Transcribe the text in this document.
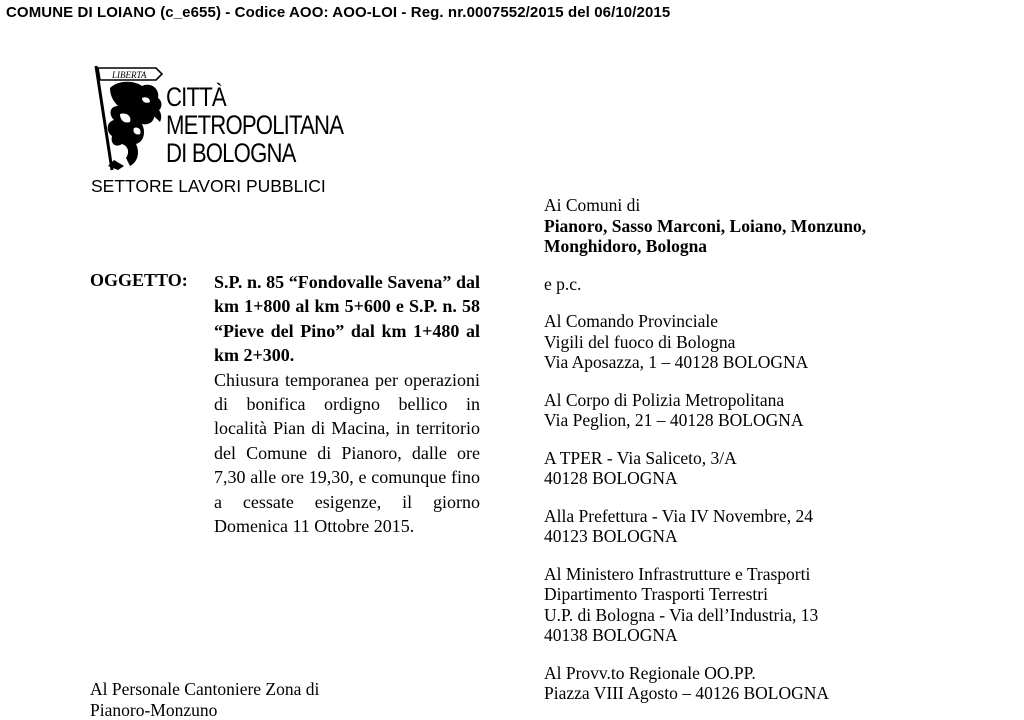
COMUNE DI LOIANO (c_e655) - Codice AOO: AOO-LOI - Reg. nr.0007552/2015 del 06/10/2015
LIBERTA
CITTÀ
METROPOLITANA
DI BOLOGNA
SETTORE LAVORI PUBBLICI
Ai Comuni di
Pianoro, Sasso Marconi, Loiano, Monzuno,
Monghidoro, Bologna
e p.c.
Al Comando Provinciale
Vigili del fuoco di Bologna
Via Aposazza, 1 – 40128 BOLOGNA
Al Corpo di Polizia Metropolitana
Via Peglion, 21 – 40128 BOLOGNA
A TPER - Via Saliceto, 3/A
40128 BOLOGNA
Alla Prefettura - Via IV Novembre, 24
40123 BOLOGNA
Al Ministero Infrastrutture e Trasporti
Dipartimento Trasporti Terrestri
U.P. di Bologna - Via dell’Industria, 13
40138 BOLOGNA
Al Provv.to Regionale OO.PP.
Piazza VIII Agosto – 40126 BOLOGNA
OGGETTO: S.P. n. 85 “Fondovalle Savena” dal km 1+800 al km 5+600 e S.P. n. 58 “Pieve del Pino” dal km 1+480 al km 2+300.

Chiusura temporanea per operazioni di bonifica ordigno bellico in località Pian di Macina, in territorio del Comune di Pianoro, dalle ore 7,30 alle ore 19,30, e comunque fino a cessate esigenze, il giorno Domenica 11 Ottobre 2015.

Al Personale Cantoniere Zona di
Pianoro-Monzuno
